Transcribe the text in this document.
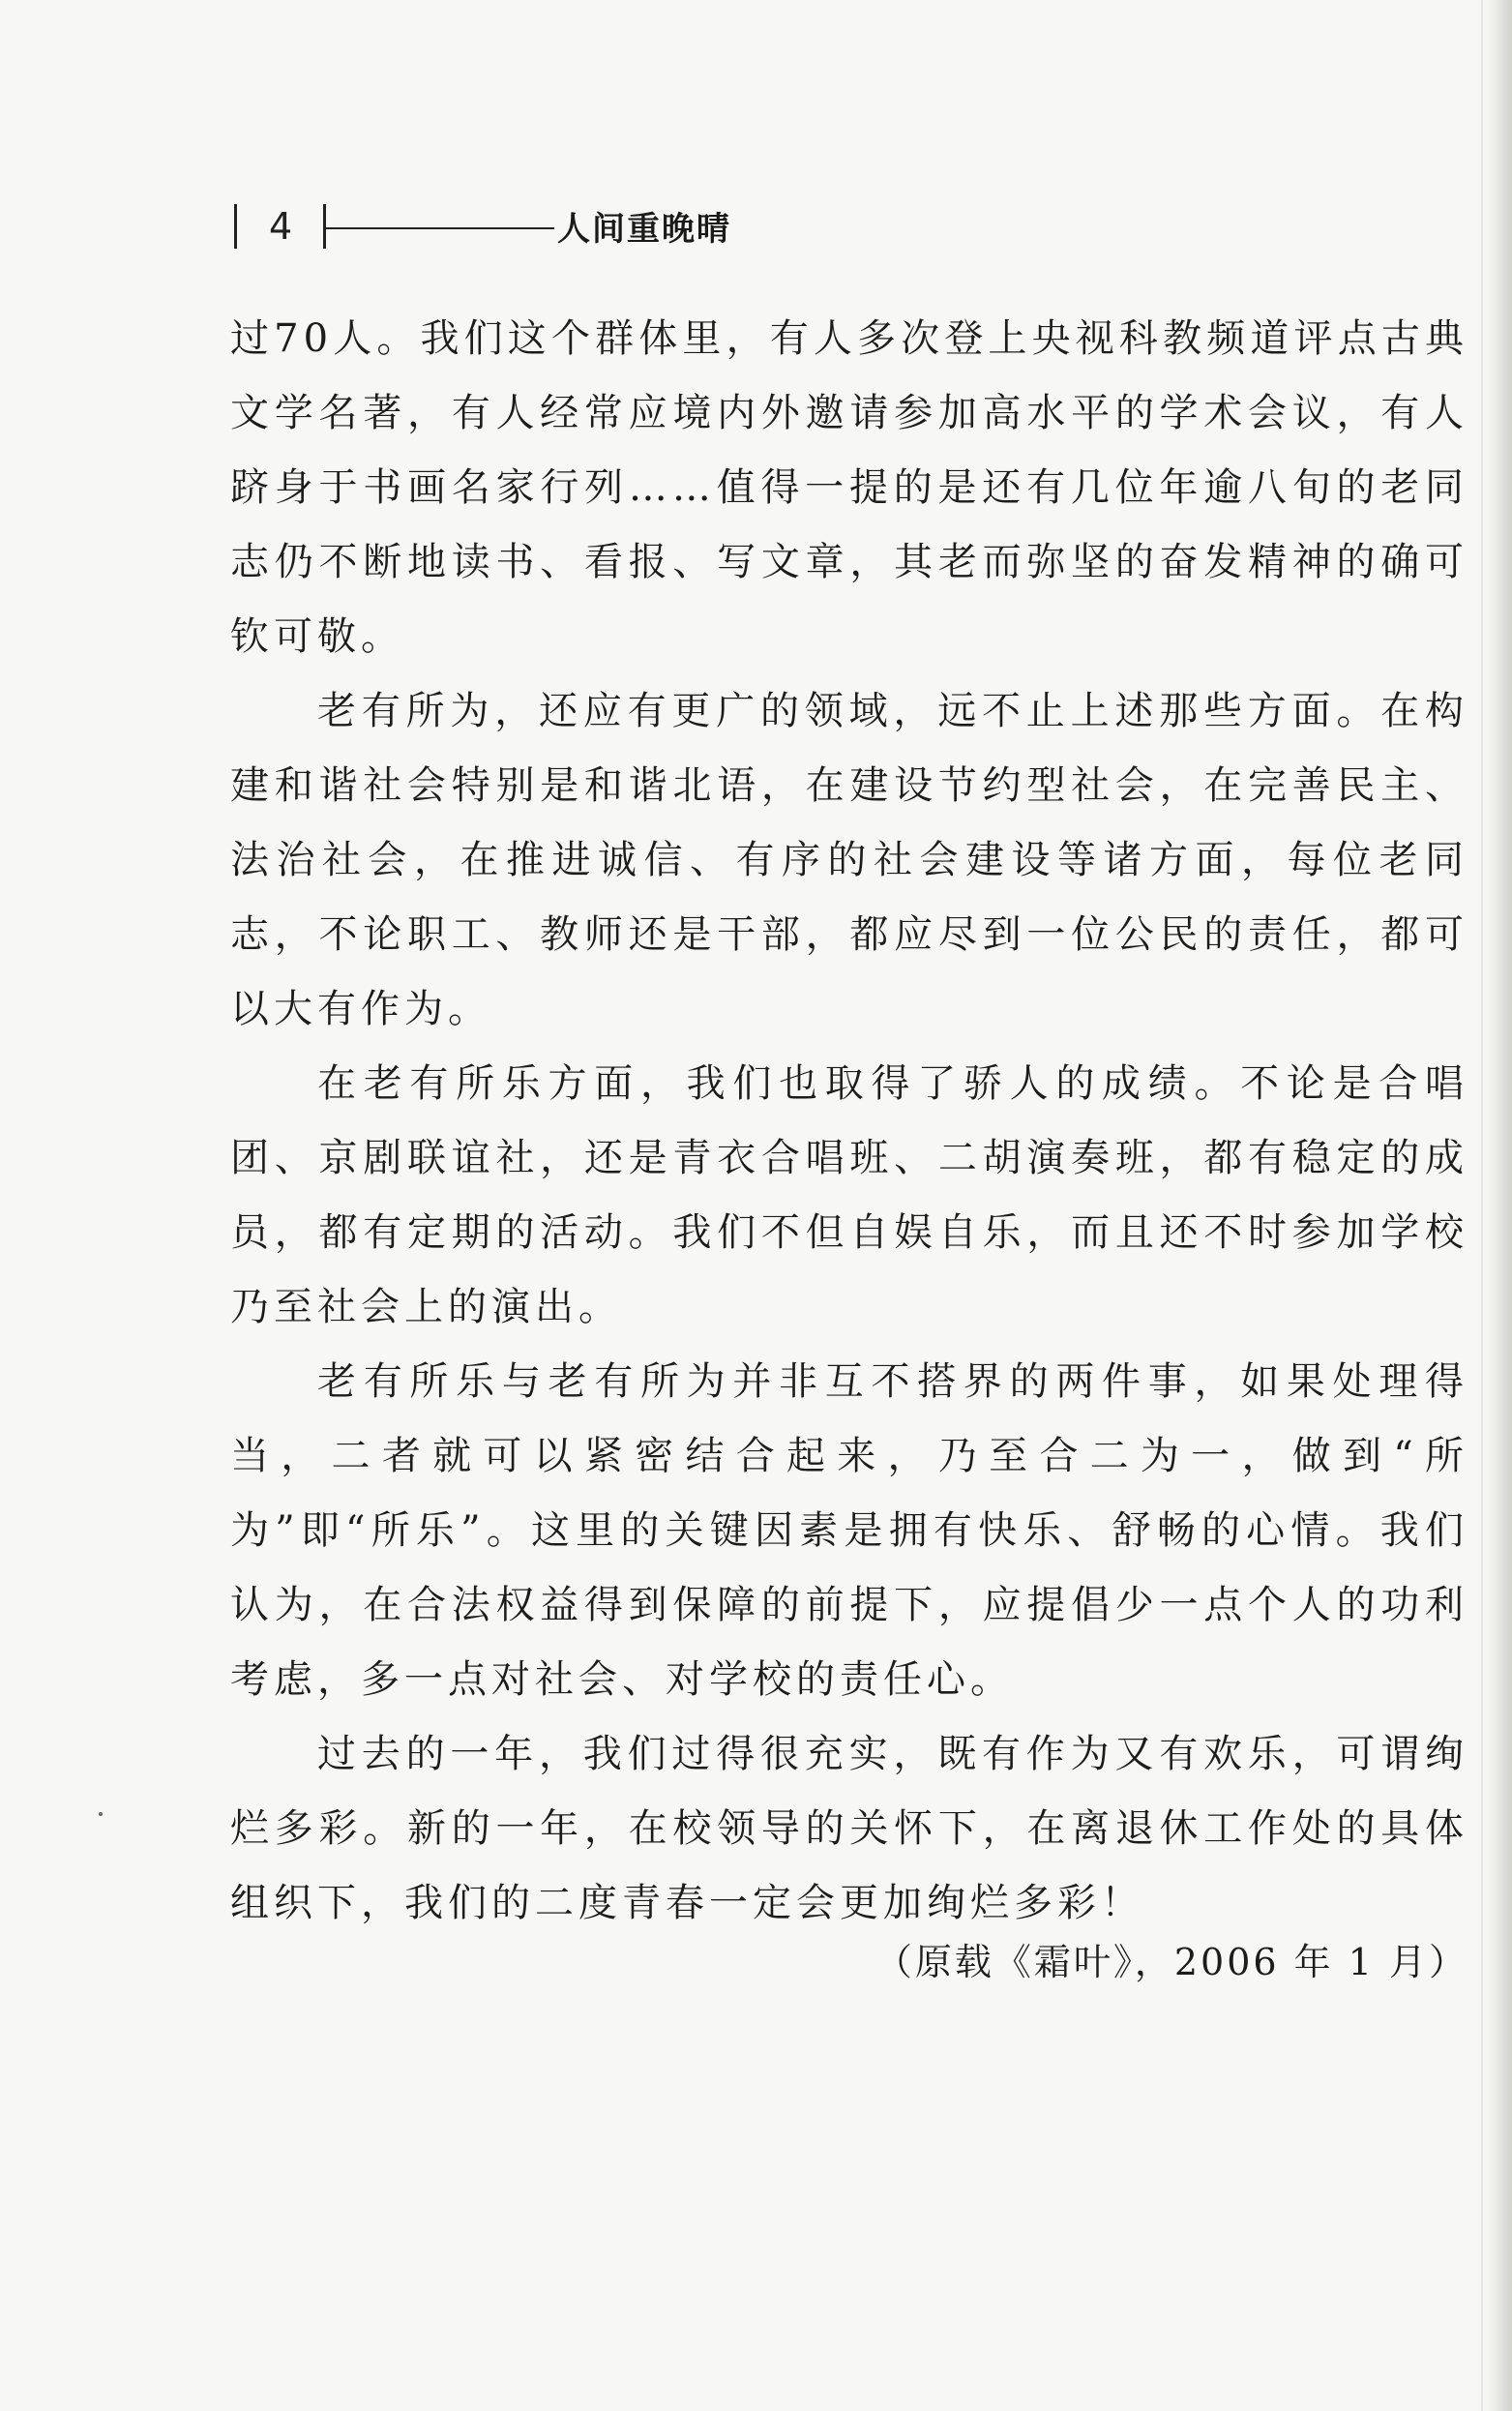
4	人间重晚晴

过70人。我们这个群体里，有人多次登上央视科教频道评点古典文学名著，有人经常应境内外邀请参加高水平的学术会议，有人跻身于书画名家行列……值得一提的是还有几位年逾八旬的老同志仍不断地读书、看报、写文章，其老而弥坚的奋发精神的确可钦可敬。

老有所为，还应有更广的领域，远不止上述那些方面。在构建和谐社会特别是和谐北语，在建设节约型社会，在完善民主、法治社会，在推进诚信、有序的社会建设等诸方面，每位老同志，不论职工、教师还是干部，都应尽到一位公民的责任，都可以大有作为。

在老有所乐方面，我们也取得了骄人的成绩。不论是合唱团、京剧联谊社，还是青衣合唱班、二胡演奏班，都有稳定的成员，都有定期的活动。我们不但自娱自乐，而且还不时参加学校乃至社会上的演出。

老有所乐与老有所为并非互不搭界的两件事，如果处理得当，二者就可以紧密结合起来，乃至合二为一，做到“所为”即“所乐”。这里的关键因素是拥有快乐、舒畅的心情。我们认为，在合法权益得到保障的前提下，应提倡少一点个人的功利考虑，多一点对社会、对学校的责任心。

过去的一年，我们过得很充实，既有作为又有欢乐，可谓绚烂多彩。新的一年，在校领导的关怀下，在离退休工作处的具体组织下，我们的二度青春一定会更加绚烂多彩！

（原载《霜叶》，2006 年 1 月）
